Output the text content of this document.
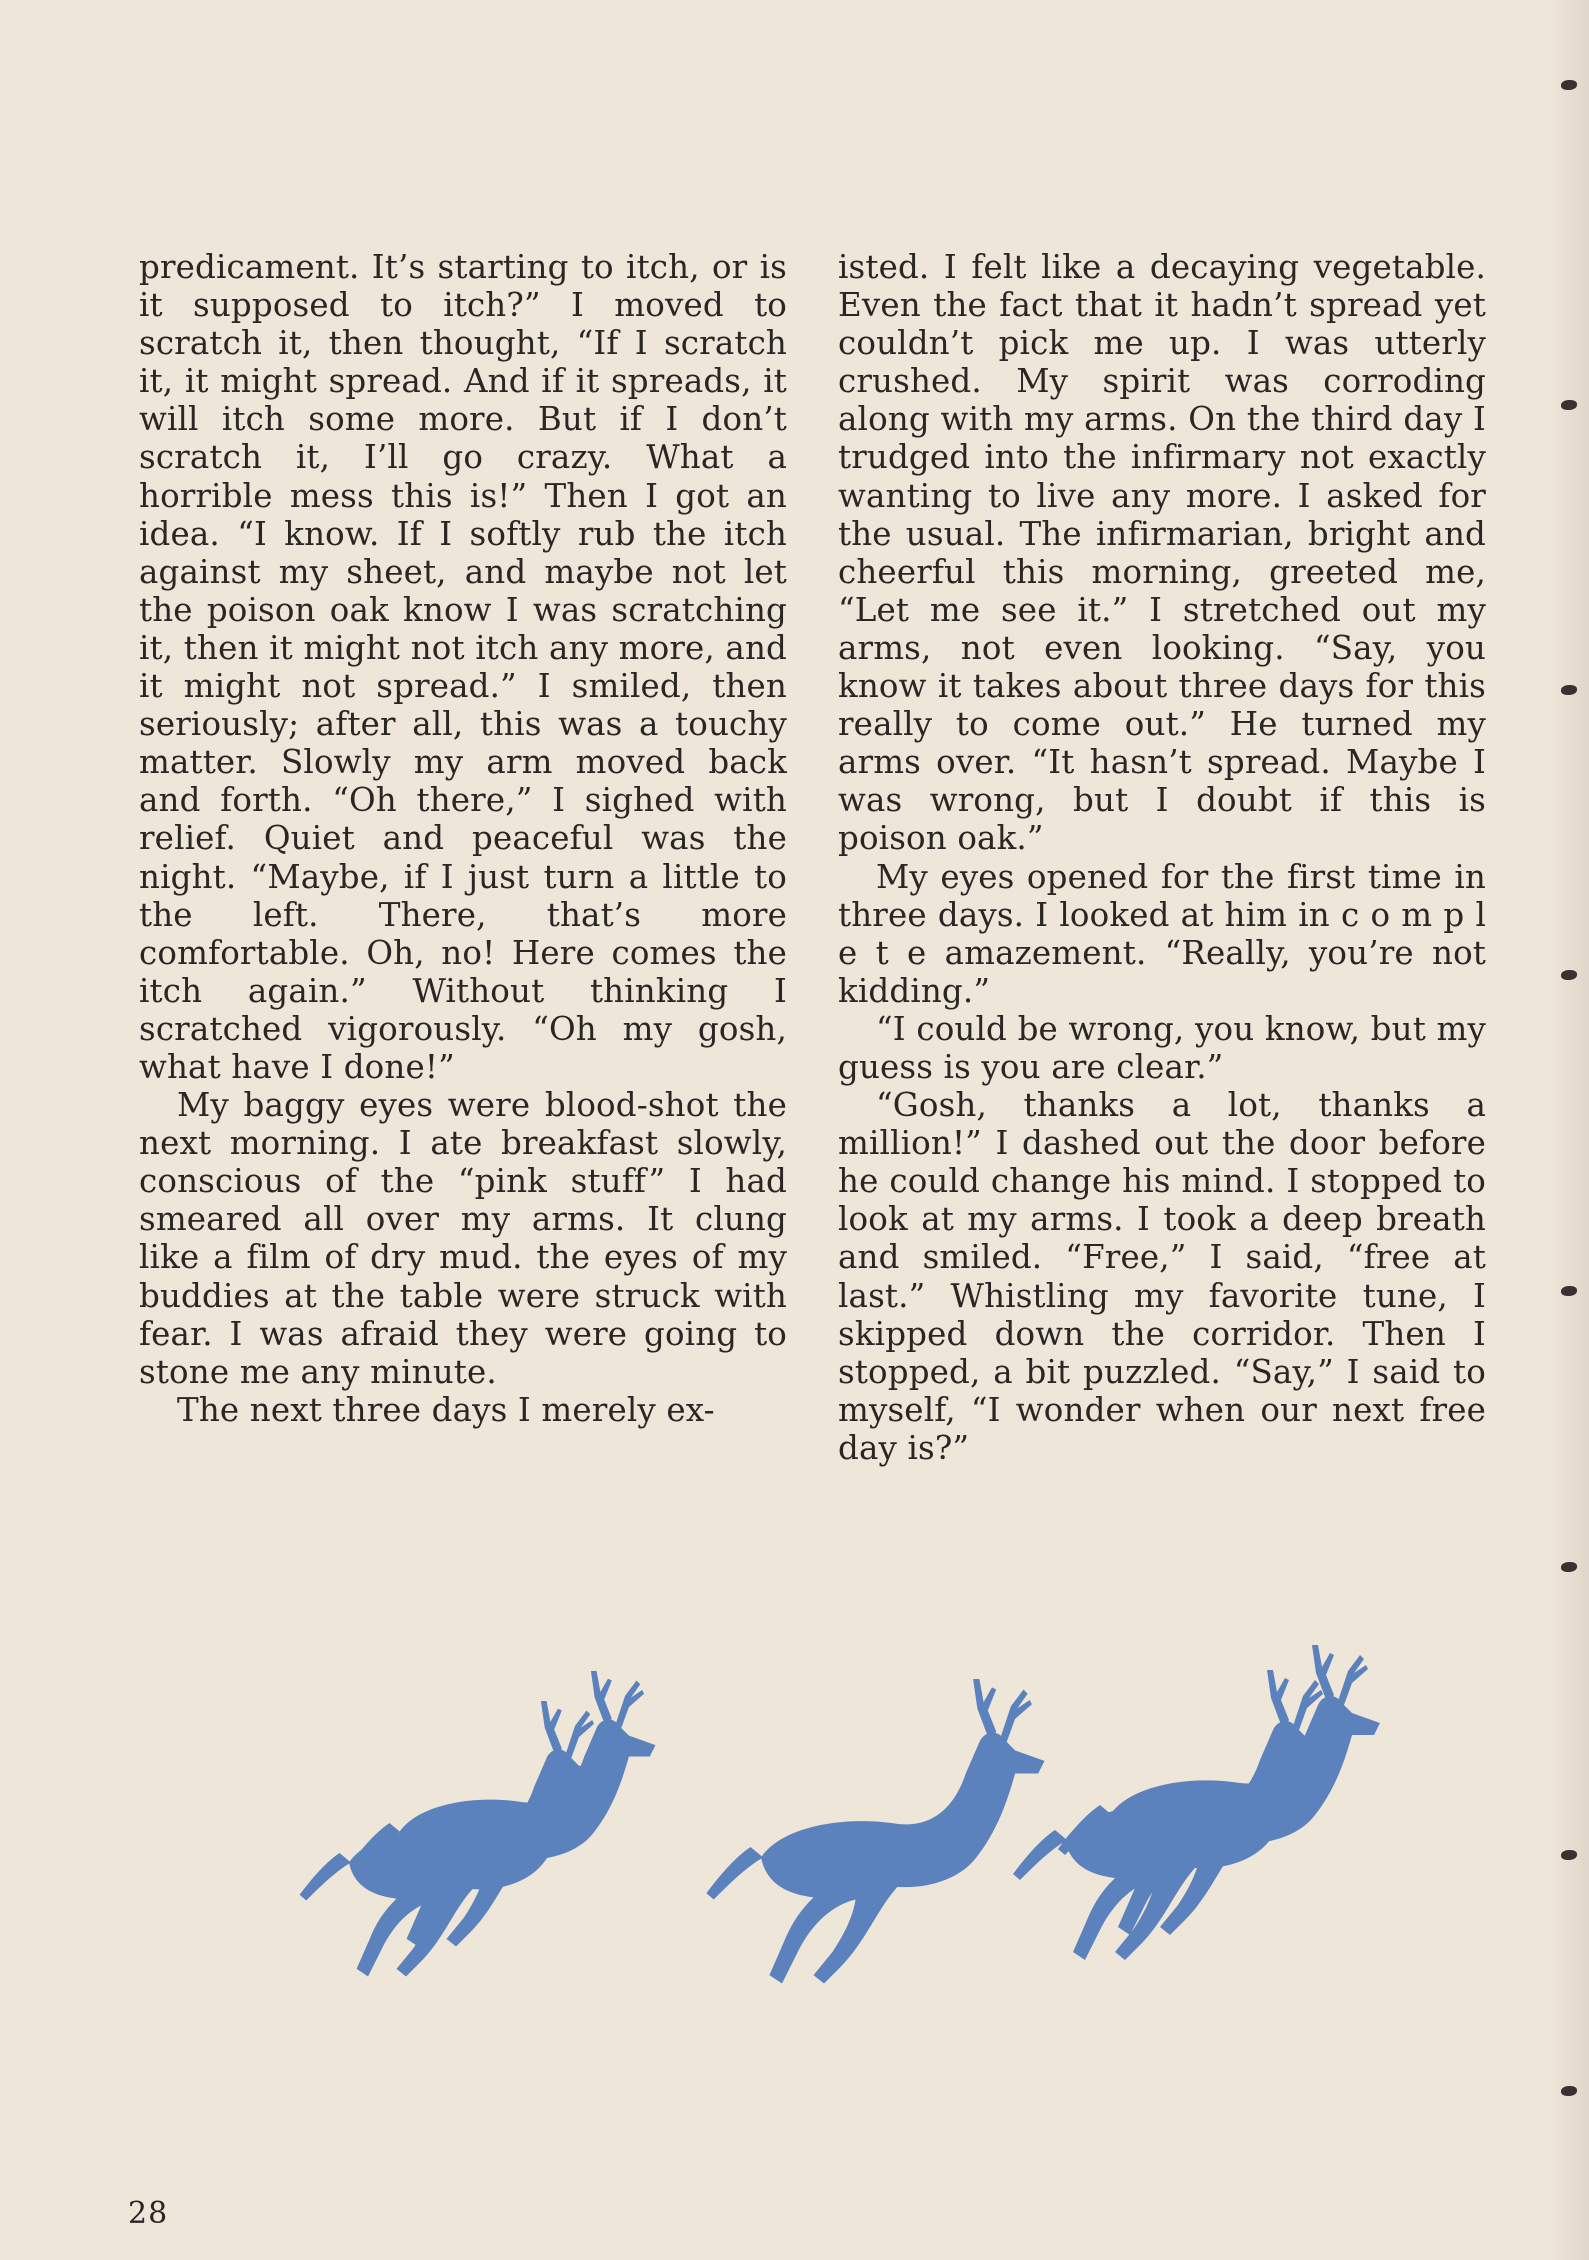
predicament. It’s starting to itch, or is it supposed to itch?” I moved to scratch it, then thought, “If I scratch it, it might spread. And if it spreads, it will itch some more. But if I don’t scratch it, I’ll go crazy. What a horrible mess this is!” Then I got an idea. “I know. If I softly rub the itch against my sheet, and maybe not let the poison oak know I was scratching it, then it might not itch any more, and it might not spread.” I smiled, then seriously; after all, this was a touchy matter. Slowly my arm moved back and forth. “Oh there,” I sighed with relief. Quiet and peaceful was the night. “Maybe, if I just turn a little to the left. There, that’s more comfortable. Oh, no! Here comes the itch again.” Without thinking I scratched vigorously. “Oh my gosh, what have I done!”

My baggy eyes were blood-shot the next morning. I ate breakfast slowly, conscious of the “pink stuff” I had smeared all over my arms. It clung like a film of dry mud. the eyes of my buddies at the table were struck with fear. I was afraid they were going to stone me any minute.

The next three days I merely ex-

isted. I felt like a decaying vegetable. Even the fact that it hadn’t spread yet couldn’t pick me up. I was utterly crushed. My spirit was corroding along with my arms. On the third day I trudged into the infirmary not exactly wanting to live any more. I asked for the usual. The infirmarian, bright and cheerful this morning, greeted me, “Let me see it.” I stretched out my arms, not even looking. “Say, you know it takes about three days for this really to come out.” He turned my arms over. “It hasn’t spread. Maybe I was wrong, but I doubt if this is poison oak.”

My eyes opened for the first time in three days. I looked at him in c o m p l e t e amazement. “Really, you’re not kidding.”

“I could be wrong, you know, but my guess is you are clear.”

“Gosh, thanks a lot, thanks a million!” I dashed out the door before he could change his mind. I stopped to look at my arms. I took a deep breath and smiled. “Free,” I said, “free at last.” Whistling my favorite tune, I skipped down the corridor. Then I stopped, a bit puzzled. “Say,” I said to myself, “I wonder when our next free day is?”

28
